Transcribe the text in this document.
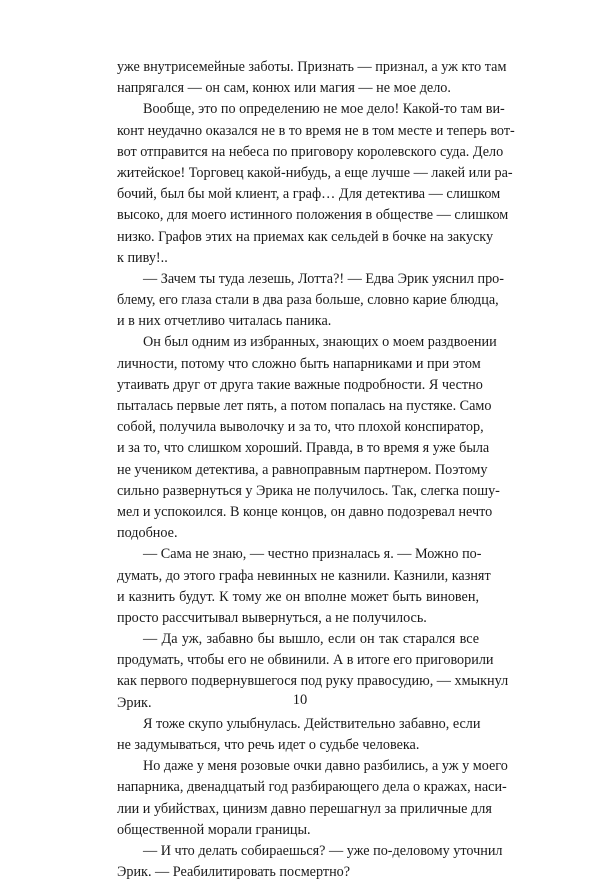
уже внутрисемейные заботы. Признать — признал, а уж кто там
напрягался — он сам, конюх или магия — не мое дело.
Вообще, это по определению не мое дело! Какой-то там ви-
конт неудачно оказался не в то время не в том месте и теперь вот-
вот отправится на небеса по приговору королевского суда. Дело
житейское! Торговец какой-нибудь, а еще лучше — лакей или ра-
бочий, был бы мой клиент, а граф… Для детектива — слишком
высоко, для моего истинного положения в обществе — слишком
низко. Графов этих на приемах как сельдей в бочке на закуску
к пиву!..
— Зачем ты туда лезешь, Лотта?! — Едва Эрик уяснил про-
блему, его глаза стали в два раза больше, словно карие блюдца,
и в них отчетливо читалась паника.
Он был одним из избранных, знающих о моем раздвоении
личности, потому что сложно быть напарниками и при этом
утаивать друг от друга такие важные подробности. Я честно
пыталась первые лет пять, а потом попалась на пустяке. Само
собой, получила выволочку и за то, что плохой конспиратор,
и за то, что слишком хороший. Правда, в то время я уже была
не учеником детектива, а равноправным партнером. Поэтому
сильно развернуться у Эрика не получилось. Так, слегка пошу-
мел и успокоился. В конце концов, он давно подозревал нечто
подобное.
— Сама не знаю, — честно призналась я. — Можно по-
думать, до этого графа невинных не казнили. Казнили, казнят
и казнить будут. К тому же он вполне может быть виновен,
просто рассчитывал вывернуться, а не получилось.
— Да уж, забавно бы вышло, если он так старался все
продумать, чтобы его не обвинили. А в итоге его приговорили
как первого подвернувшегося под руку правосудию, — хмыкнул
Эрик.
Я тоже скупо улыбнулась. Действительно забавно, если
не задумываться, что речь идет о судьбе человека.
Но даже у меня розовые очки давно разбились, а уж у моего
напарника, двенадцатый год разбирающего дела о кражах, наси-
лии и убийствах, цинизм давно перешагнул за приличные для
общественной морали границы.
— И что делать собираешься? — уже по-деловому уточнил
Эрик. — Реабилитировать посмертно?
10
